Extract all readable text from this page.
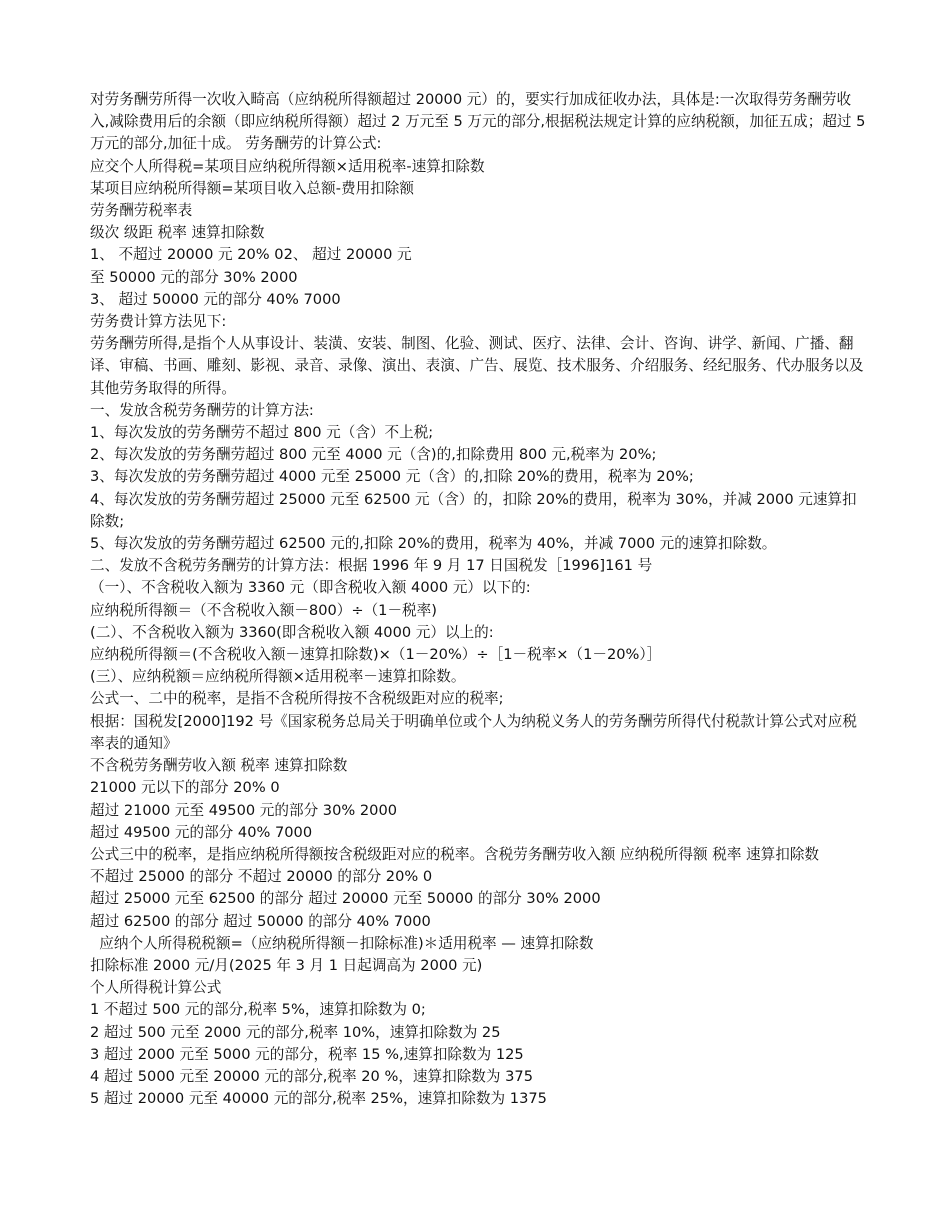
对劳务酬劳所得一次收入畸高（应纳税所得额超过 20000 元）的，要实行加成征收办法，具体是:一次取得劳务酬劳收入,减除费用后的余额（即应纳税所得额）超过 2 万元至 5 万元的部分,根据税法规定计算的应纳税额，加征五成；超过 5 万元的部分,加征十成。 劳务酬劳的计算公式:

应交个人所得税=某项目应纳税所得额×适用税率-速算扣除数

某项目应纳税所得额=某项目收入总额-费用扣除额

劳务酬劳税率表

级次 级距 税率 速算扣除数

1、 不超过 20000 元 20% 02、 超过 20000 元

至 50000 元的部分 30% 2000

3、 超过 50000 元的部分 40% 7000

劳务费计算方法见下:

劳务酬劳所得,是指个人从事设计、装潢、安装、制图、化验、测试、医疗、法律、会计、咨询、讲学、新闻、广播、翻译、审稿、书画、雕刻、影视、录音、录像、演出、表演、广告、展览、技术服务、介绍服务、经纪服务、代办服务以及其他劳务取得的所得。

一、发放含税劳务酬劳的计算方法:

1、每次发放的劳务酬劳不超过 800 元（含）不上税;

2、每次发放的劳务酬劳超过 800 元至 4000 元（含)的,扣除费用 800 元,税率为 20%;

3、每次发放的劳务酬劳超过 4000 元至 25000 元（含）的,扣除 20%的费用，税率为 20%;

4、每次发放的劳务酬劳超过 25000 元至 62500 元（含）的，扣除 20%的费用，税率为 30%，并减 2000 元速算扣除数;

5、每次发放的劳务酬劳超过 62500 元的,扣除 20%的费用，税率为 40%，并减 7000 元的速算扣除数。

二、发放不含税劳务酬劳的计算方法：根据 1996 年 9 月 17 日国税发［1996]161 号

（一）、不含税收入额为 3360 元（即含税收入额 4000 元）以下的:

应纳税所得额＝（不含税收入额－800）÷（1－税率)

(二）、不含税收入额为 3360(即含税收入额 4000 元）以上的:

应纳税所得额＝(不含税收入额－速算扣除数)×（1－20%）÷［1－税率×（1－20%）］

(三）、应纳税额＝应纳税所得额×适用税率－速算扣除数。

公式一、二中的税率，是指不含税所得按不含税级距对应的税率;

根据：国税发[2000]192 号《国家税务总局关于明确单位或个人为纳税义务人的劳务酬劳所得代付税款计算公式对应税率表的通知》

不含税劳务酬劳收入额 税率 速算扣除数

21000 元以下的部分 20% 0

超过 21000 元至 49500 元的部分 30% 2000

超过 49500 元的部分 40% 7000

公式三中的税率，是指应纳税所得额按含税级距对应的税率。含税劳务酬劳收入额 应纳税所得额 税率 速算扣除数

不超过 25000 的部分 不超过 20000 的部分 20% 0

超过 25000 元至 62500 的部分 超过 20000 元至 50000 的部分 30% 2000

超过 62500 的部分 超过 50000 的部分 40% 7000

应纳个人所得税税额=（应纳税所得额－扣除标准)＊适用税率 — 速算扣除数

扣除标准 2000 元/月(2025 年 3 月 1 日起调高为 2000 元)

个人所得税计算公式

1 不超过 500 元的部分,税率 5%，速算扣除数为 0;

2 超过 500 元至 2000 元的部分,税率 10%，速算扣除数为 25

3 超过 2000 元至 5000 元的部分，税率 15 %,速算扣除数为 125

4 超过 5000 元至 20000 元的部分,税率 20 %，速算扣除数为 375

5 超过 20000 元至 40000 元的部分,税率 25%，速算扣除数为 1375
